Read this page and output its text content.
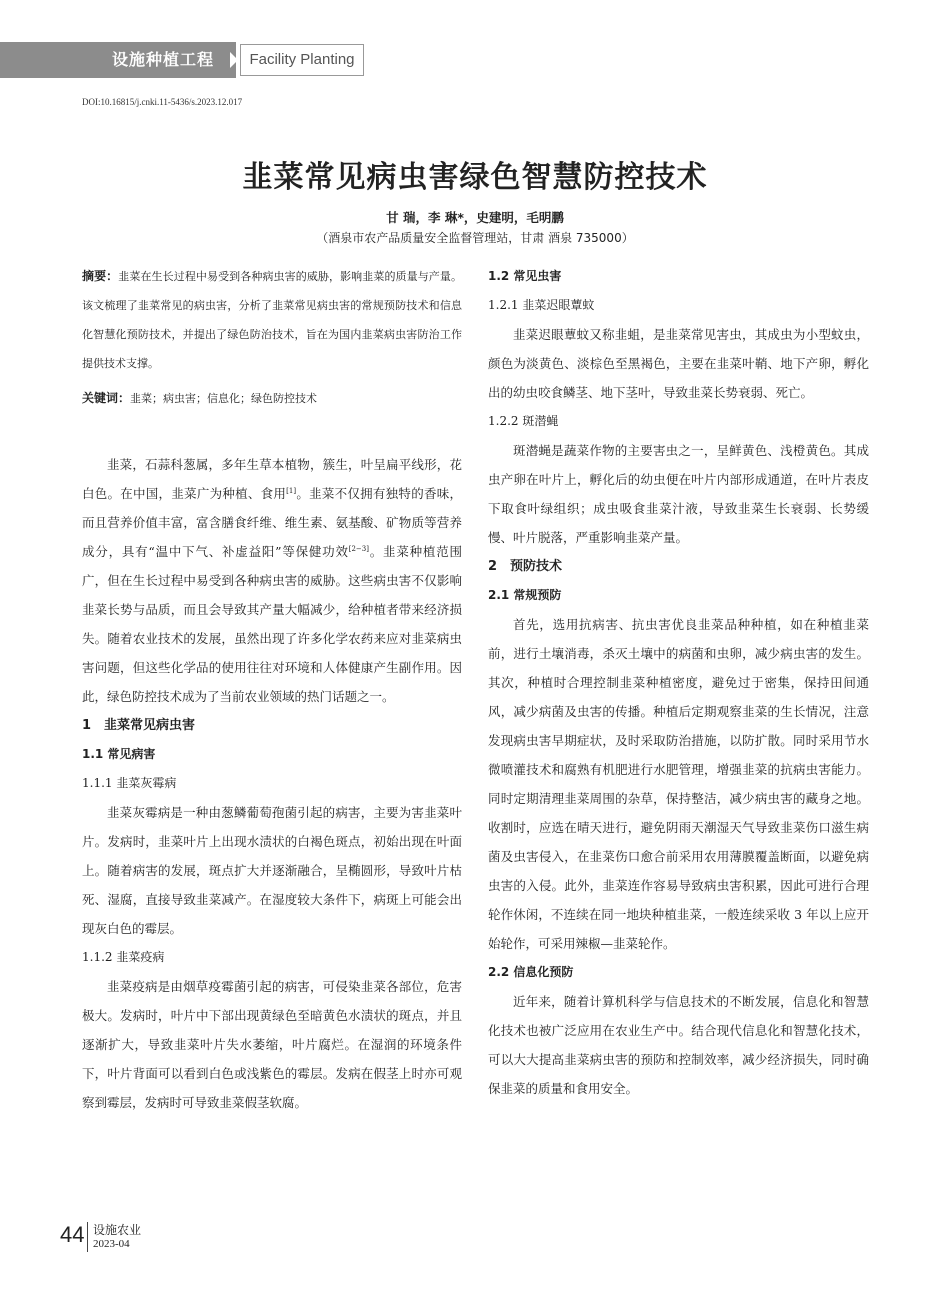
设施种植工程	Facility Planting
DOI:10.16815/j.cnki.11-5436/s.2023.12.017
韭菜常见病虫害绿色智慧防控技术
甘 瑞，李 琳*，史建明，毛明鹏
（酒泉市农产品质量安全监督管理站，甘肃 酒泉 735000）

摘要：韭菜在生长过程中易受到各种病虫害的威胁，影响韭菜的质量与产量。该文梳理了韭菜常见的病虫害，分析了韭菜常见病虫害的常规预防技术和信息化智慧化预防技术，并提出了绿色防治技术，旨在为国内韭菜病虫害防治工作提供技术支撑。

关键词：韭菜；病虫害；信息化；绿色防控技术

韭菜，石蒜科葱属，多年生草本植物，簇生，叶呈扁平线形，花白色。在中国，韭菜广为种植、食用[1]。韭菜不仅拥有独特的香味，而且营养价值丰富，富含膳食纤维、维生素、氨基酸、矿物质等营养成分，具有“温中下气、补虚益阳”等保健功效[2−3]。韭菜种植范围广，但在生长过程中易受到各种病虫害的威胁。这些病虫害不仅影响韭菜长势与品质，而且会导致其产量大幅减少，给种植者带来经济损失。随着农业技术的发展，虽然出现了许多化学农药来应对韭菜病虫害问题，但这些化学品的使用往往对环境和人体健康产生副作用。因此，绿色防控技术成为了当前农业领域的热门话题之一。

1　韭菜常见病虫害

1.1 常见病害

1.1.1 韭菜灰霉病

韭菜灰霉病是一种由葱鳞葡萄孢菌引起的病害，主要为害韭菜叶片。发病时，韭菜叶片上出现水渍状的白褐色斑点，初始出现在叶面上。随着病害的发展，斑点扩大并逐渐融合，呈椭圆形，导致叶片枯死、湿腐，直接导致韭菜减产。在湿度较大条件下，病斑上可能会出现灰白色的霉层。

1.1.2 韭菜疫病

韭菜疫病是由烟草疫霉菌引起的病害，可侵染韭菜各部位，危害极大。发病时，叶片中下部出现黄绿色至暗黄色水渍状的斑点，并且逐渐扩大，导致韭菜叶片失水萎缩，叶片腐烂。在湿润的环境条件下，叶片背面可以看到白色或浅紫色的霉层。发病在假茎上时亦可观察到霉层，发病时可导致韭菜假茎软腐。

1.2 常见虫害

1.2.1 韭菜迟眼蕈蚊

韭菜迟眼蕈蚊又称韭蛆，是韭菜常见害虫，其成虫为小型蚊虫，颜色为淡黄色、淡棕色至黑褐色，主要在韭菜叶鞘、地下产卵，孵化出的幼虫咬食鳞茎、地下茎叶，导致韭菜长势衰弱、死亡。

1.2.2 斑潜蝇

斑潜蝇是蔬菜作物的主要害虫之一，呈鲜黄色、浅橙黄色。其成虫产卵在叶片上，孵化后的幼虫便在叶片内部形成通道，在叶片表皮下取食叶绿组织；成虫吸食韭菜汁液，导致韭菜生长衰弱、长势缓慢、叶片脱落，严重影响韭菜产量。

2　预防技术

2.1 常规预防

首先，选用抗病害、抗虫害优良韭菜品种种植，如在种植韭菜前，进行土壤消毒，杀灭土壤中的病菌和虫卵，减少病虫害的发生。其次，种植时合理控制韭菜种植密度，避免过于密集，保持田间通风，减少病菌及虫害的传播。种植后定期观察韭菜的生长情况，注意发现病虫害早期症状，及时采取防治措施，以防扩散。同时采用节水微喷灌技术和腐熟有机肥进行水肥管理，增强韭菜的抗病虫害能力。同时定期清理韭菜周围的杂草，保持整洁，减少病虫害的藏身之地。收割时，应选在晴天进行，避免阴雨天潮湿天气导致韭菜伤口滋生病菌及虫害侵入，在韭菜伤口愈合前采用农用薄膜覆盖断面，以避免病虫害的入侵。此外，韭菜连作容易导致病虫害积累，因此可进行合理轮作休闲，不连续在同一地块种植韭菜，一般连续采收 3 年以上应开始轮作，可采用辣椒—韭菜轮作。

2.2 信息化预防

近年来，随着计算机科学与信息技术的不断发展，信息化和智慧化技术也被广泛应用在农业生产中。结合现代信息化和智慧化技术，可以大大提高韭菜病虫害的预防和控制效率，减少经济损失，同时确保韭菜的质量和食用安全。

44 设施农业
2023-04
